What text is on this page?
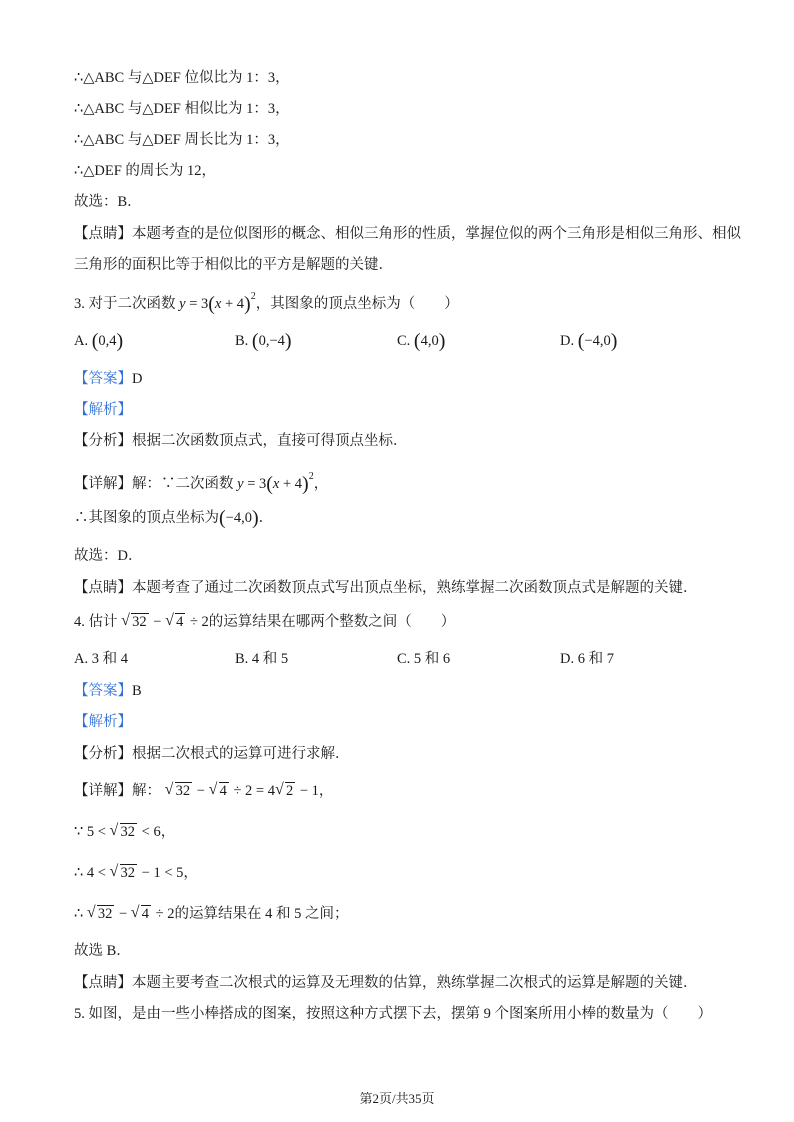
∴△ABC 与△DEF 位似比为 1：3，
∴△ABC 与△DEF 相似比为 1：3，
∴△ABC 与△DEF 周长比为 1：3，
∴△DEF 的周长为 12，
故选：B．
【点睛】本题考查的是位似图形的概念、相似三角形的性质，掌握位似的两个三角形是相似三角形、相似
三角形的面积比等于相似比的平方是解题的关键．
3. 对于二次函数 $y = 3(x + 4)^2$，其图象的顶点坐标为（　　）
A. (0,4)	B. (0,−4)	C. (4,0)	D. (−4,0)
【答案】D
【解析】
【分析】根据二次函数顶点式，直接可得顶点坐标．
【详解】解：∵二次函数 $y = 3(x + 4)^2$，
∴其图象的顶点坐标为(−4,0)．
故选：D．
【点睛】本题考查了通过二次函数顶点式写出顶点坐标，熟练掌握二次函数顶点式是解题的关键．
4. 估计 √ 32 − √ 4 ÷ 2的运算结果在哪两个整数之间（　　）
A. 3 和 4	B. 4 和 5	C. 5 和 6	D. 6 和 7
【答案】B
【解析】
【分析】根据二次根式的运算可进行求解．
【详解】解： √ 32 − √ 4 ÷ 2 = 4 √ 2 − 1，
∵ 5 < √ 32 < 6，
∴ 4 < √ 32 − 1 < 5，
∴ √ 32 − √ 4 ÷ 2的运算结果在 4 和 5 之间；
故选 B．
【点睛】本题主要考查二次根式的运算及无理数的估算，熟练掌握二次根式的运算是解题的关键．
5. 如图，是由一些小棒搭成的图案，按照这种方式摆下去，摆第 9 个图案所用小棒的数量为（　　）
第2页/共35页
